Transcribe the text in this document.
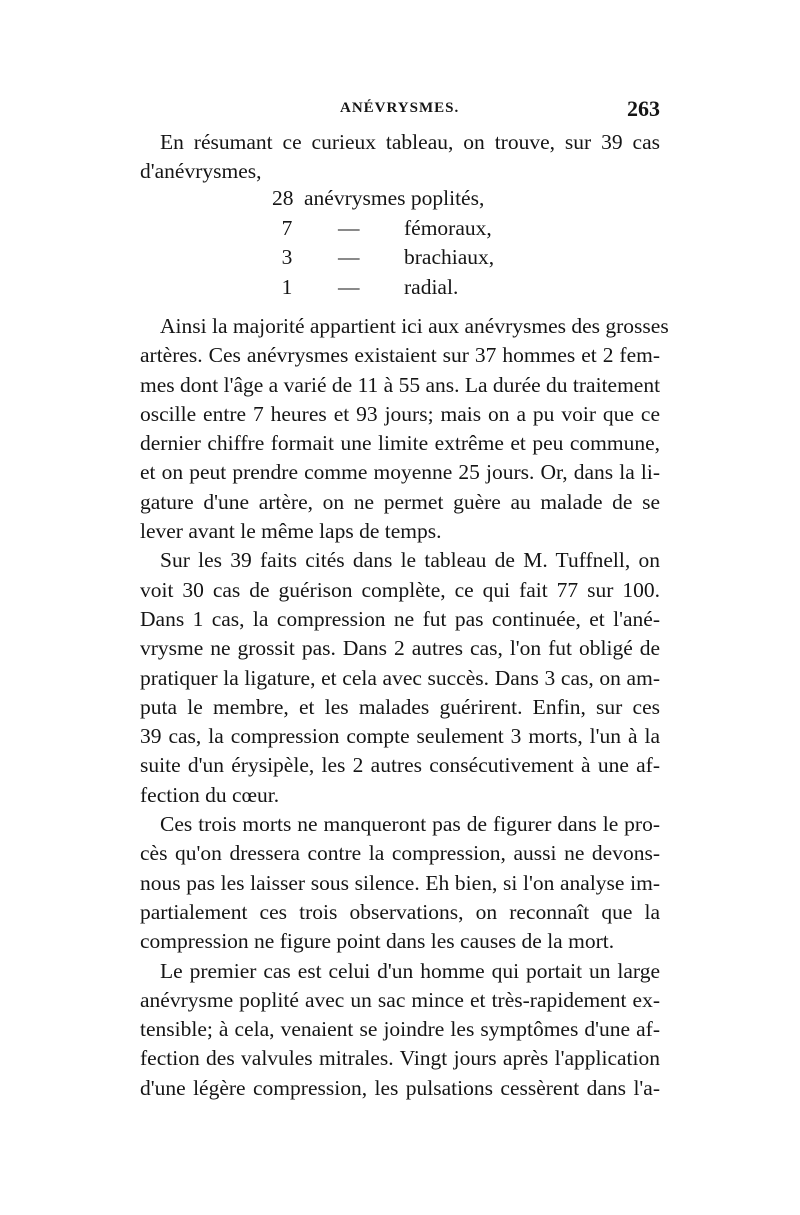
ANÉVRYSMES.	263
En résumant ce curieux tableau, on trouve, sur 39 cas
d'anévrysmes,
28 anévrysmes poplités,
7	— fémoraux,
3	— brachiaux,
1	— radial.
Ainsi la majorité appartient ici aux anévrysmes des grosses
artères. Ces anévrysmes existaient sur 37 hommes et 2 fem-
mes dont l'âge a varié de 11 à 55 ans. La durée du traitement
oscille entre 7 heures et 93 jours; mais on a pu voir que ce
dernier chiffre formait une limite extrême et peu commune,
et on peut prendre comme moyenne 25 jours. Or, dans la li-
gature d'une artère, on ne permet guère au malade de se
lever avant le même laps de temps.
Sur les 39 faits cités dans le tableau de M. Tuffnell, on
voit 30 cas de guérison complète, ce qui fait 77 sur 100.
Dans 1 cas, la compression ne fut pas continuée, et l'ané-
vrysme ne grossit pas. Dans 2 autres cas, l'on fut obligé de
pratiquer la ligature, et cela avec succès. Dans 3 cas, on am-
puta le membre, et les malades guérirent. Enfin, sur ces
39 cas, la compression compte seulement 3 morts, l'un à la
suite d'un érysipèle, les 2 autres consécutivement à une af-
fection du cœur.
Ces trois morts ne manqueront pas de figurer dans le pro-
cès qu'on dressera contre la compression, aussi ne devons-
nous pas les laisser sous silence. Eh bien, si l'on analyse im-
partialement ces trois observations, on reconnaît que la
compression ne figure point dans les causes de la mort.
Le premier cas est celui d'un homme qui portait un large
anévrysme poplité avec un sac mince et très-rapidement ex-
tensible; à cela, venaient se joindre les symptômes d'une af-
fection des valvules mitrales. Vingt jours après l'application
d'une légère compression, les pulsations cessèrent dans l'a-
